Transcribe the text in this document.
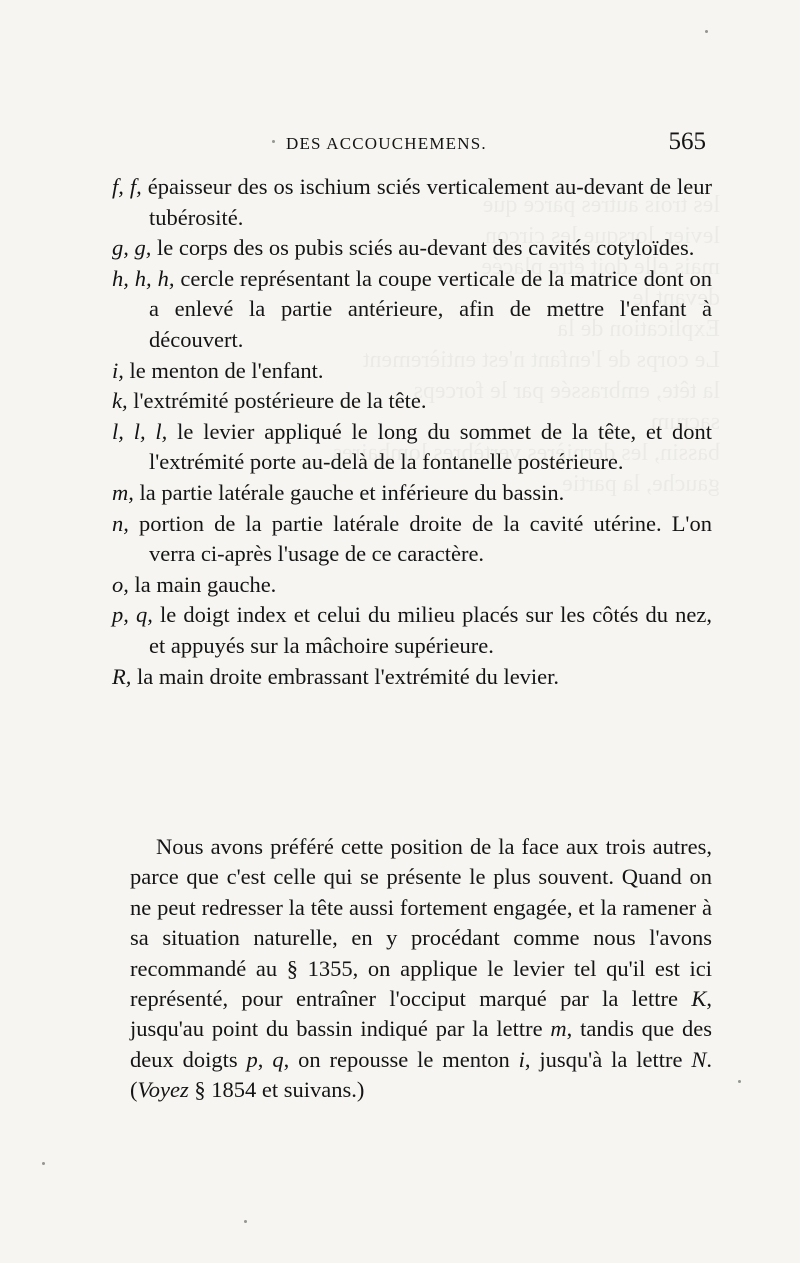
DES ACCOUCHEMENS.	565
f, f, épaisseur des os ischium sciés verticalement au-devant de leur tubérosité.
g, g, le corps des os pubis sciés au-devant des cavités cotyloïdes.
h, h, h, cercle représentant la coupe verticale de la matrice dont on a enlevé la partie antérieure, afin de mettre l'enfant à découvert.
i, le menton de l'enfant.
k, l'extrémité postérieure de la tête.
l, l, l, le levier appliqué le long du sommet de la tête, et dont l'extrémité porte au-delà de la fontanelle postérieure.
m, la partie latérale gauche et inférieure du bassin.
n, portion de la partie latérale droite de la cavité utérine. L'on verra ci-après l'usage de ce caractère.
o, la main gauche.
p, q, le doigt index et celui du milieu placés sur les côtés du nez, et appuyés sur la mâchoire supérieure.
R, la main droite embrassant l'extrémité du levier.

Nous avons préféré cette position de la face aux trois autres, parce que c'est celle qui se présente le plus souvent. Quand on ne peut redresser la tête aussi fortement engagée, et la ramener à sa situation naturelle, en y procédant comme nous l'avons recommandé au § 1355, on applique le levier tel qu'il est ici représenté, pour entraîner l'occiput marqué par la lettre K, jusqu'au point du bassin indiqué par la lettre m, tandis que des deux doigts p, q, on repousse le menton i, jusqu'à la lettre N. (Voyez § 1854 et suivans.)
